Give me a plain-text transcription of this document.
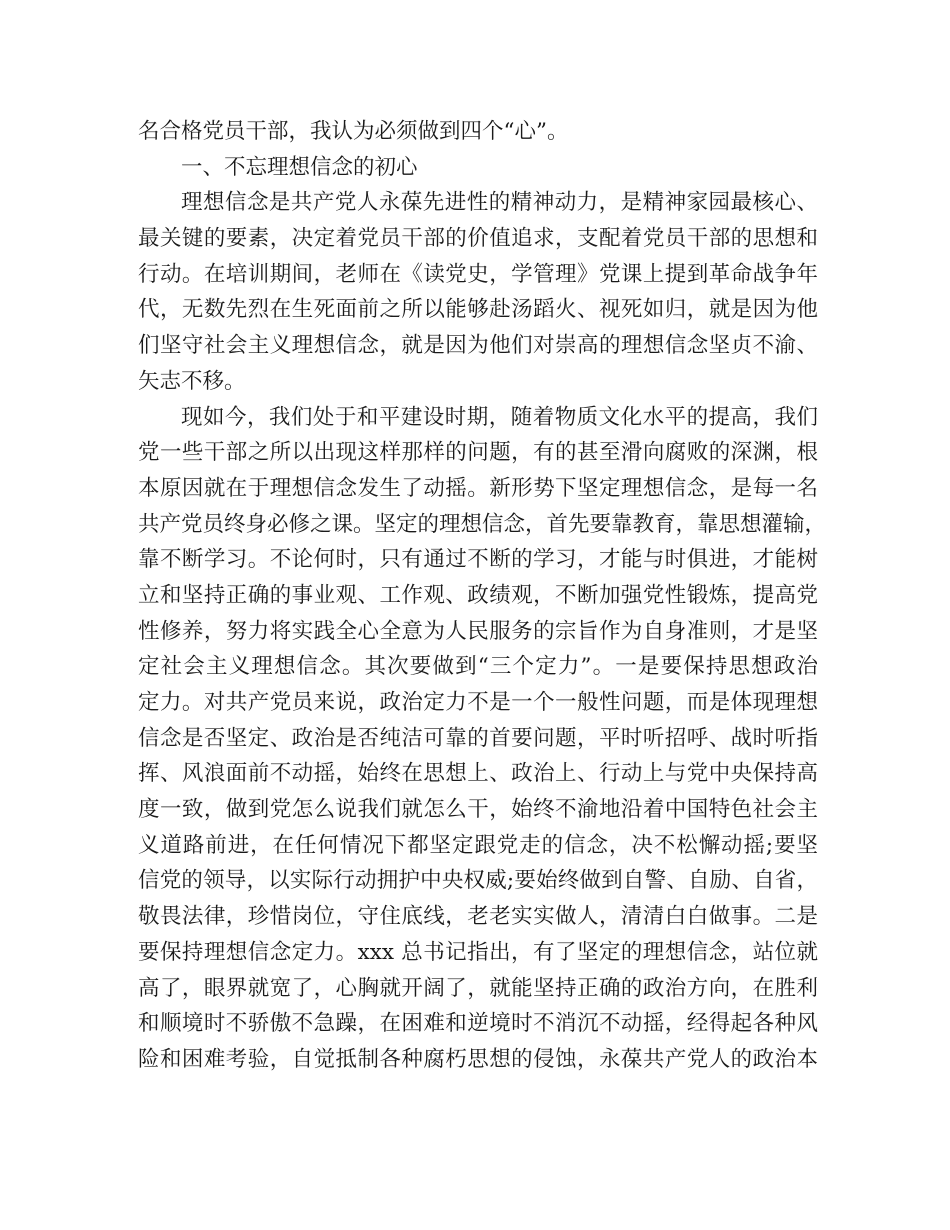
名合格党员干部，我认为必须做到四个“心”。
一、不忘理想信念的初心
理想信念是共产党人永葆先进性的精神动力，是精神家园最核心、
最关键的要素，决定着党员干部的价值追求，支配着党员干部的思想和
行动。在培训期间，老师在《读党史，学管理》党课上提到革命战争年
代，无数先烈在生死面前之所以能够赴汤蹈火、视死如归，就是因为他
们坚守社会主义理想信念，就是因为他们对崇高的理想信念坚贞不渝、
矢志不移。
现如今，我们处于和平建设时期，随着物质文化水平的提高，我们
党一些干部之所以出现这样那样的问题，有的甚至滑向腐败的深渊，根
本原因就在于理想信念发生了动摇。新形势下坚定理想信念，是每一名
共产党员终身必修之课。坚定的理想信念，首先要靠教育，靠思想灌输，
靠不断学习。不论何时，只有通过不断的学习，才能与时俱进，才能树
立和坚持正确的事业观、工作观、政绩观，不断加强党性锻炼，提高党
性修养，努力将实践全心全意为人民服务的宗旨作为自身准则，才是坚
定社会主义理想信念。其次要做到“三个定力”。一是要保持思想政治
定力。对共产党员来说，政治定力不是一个一般性问题，而是体现理想
信念是否坚定、政治是否纯洁可靠的首要问题，平时听招呼、战时听指
挥、风浪面前不动摇，始终在思想上、政治上、行动上与党中央保持高
度一致，做到党怎么说我们就怎么干，始终不渝地沿着中国特色社会主
义道路前进，在任何情况下都坚定跟党走的信念，决不松懈动摇;要坚
信党的领导，以实际行动拥护中央权威;要始终做到自警、自励、自省，
敬畏法律，珍惜岗位，守住底线，老老实实做人，清清白白做事。二是
要保持理想信念定力。xxx 总书记指出，有了坚定的理想信念，站位就
高了，眼界就宽了，心胸就开阔了，就能坚持正确的政治方向，在胜利
和顺境时不骄傲不急躁，在困难和逆境时不消沉不动摇，经得起各种风
险和困难考验，自觉抵制各种腐朽思想的侵蚀，永葆共产党人的政治本
